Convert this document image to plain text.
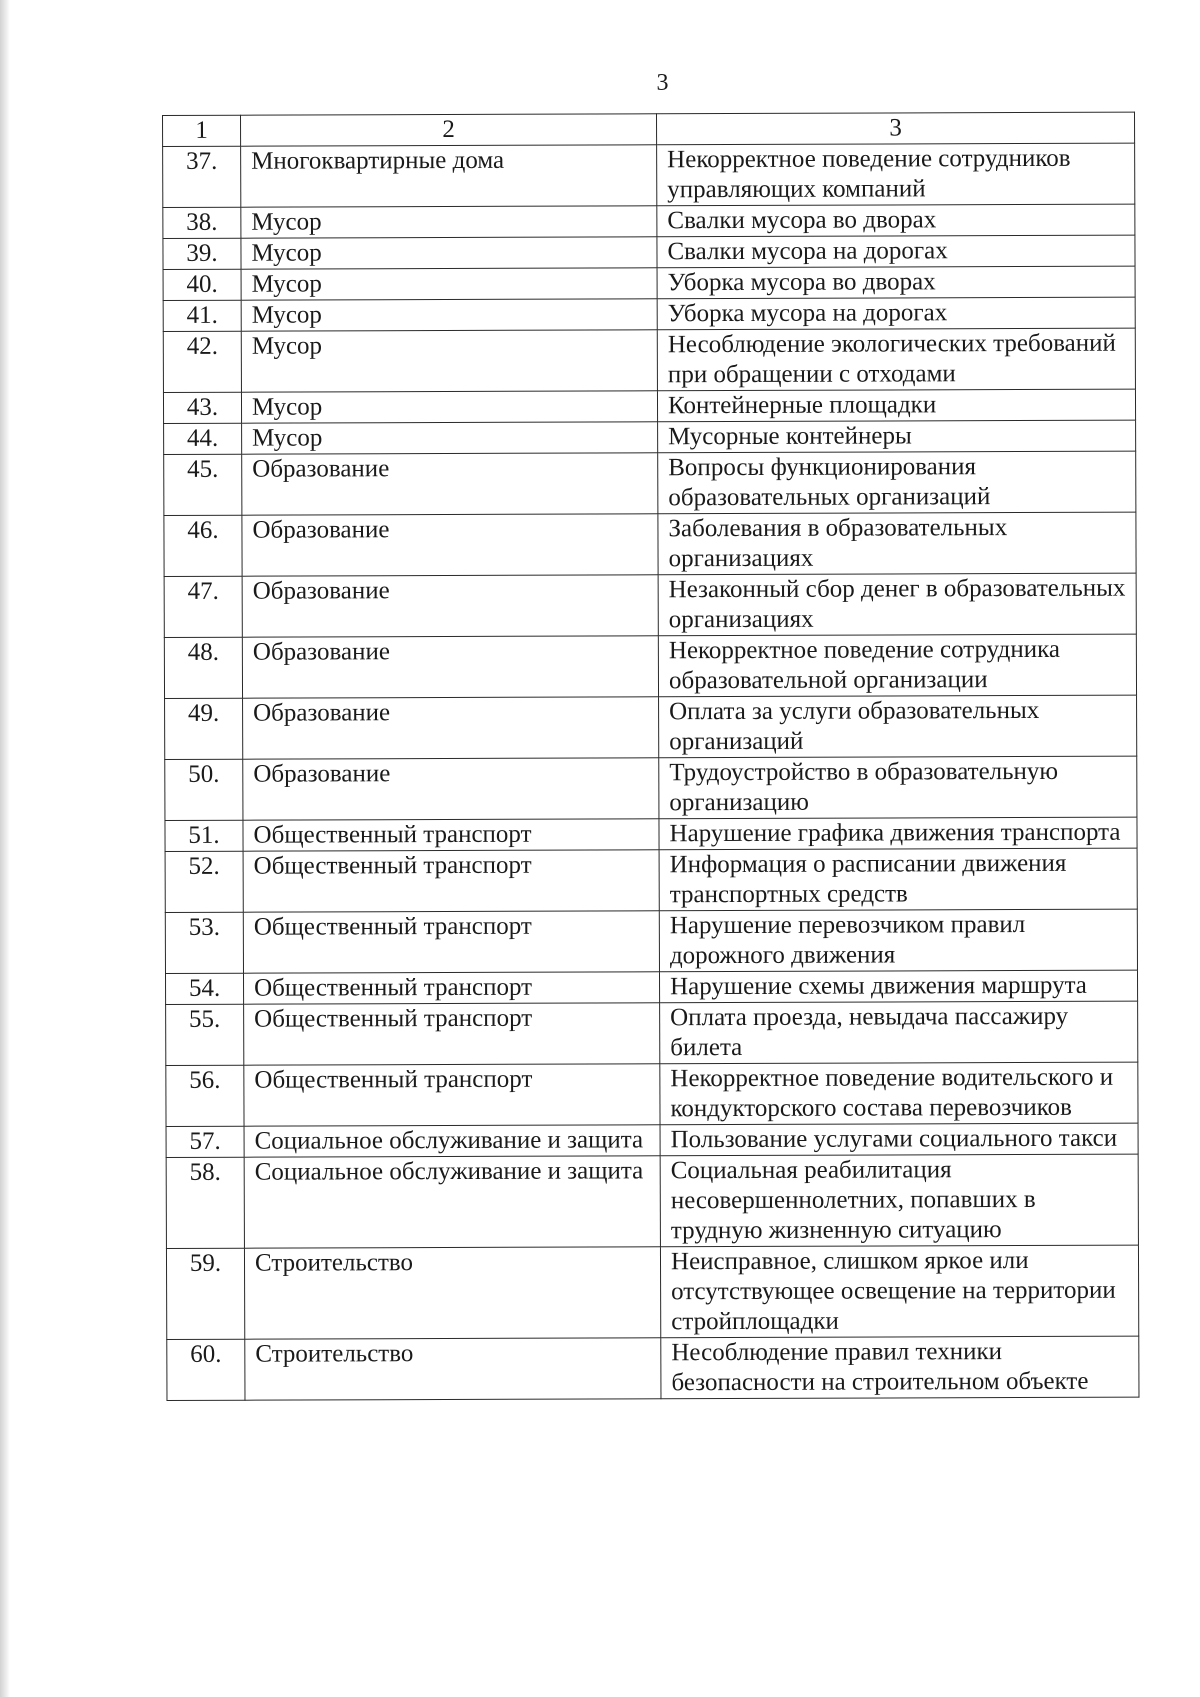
3
1	2	3
37.	Многоквартирные дома	Некорректное поведение сотрудников управляющих компаний
38.	Мусор	Свалки мусора во дворах
39.	Мусор	Свалки мусора на дорогах
40.	Мусор	Уборка мусора во дворах
41.	Мусор	Уборка мусора на дорогах
42.	Мусор	Несоблюдение экологических требований при обращении с отходами
43.	Мусор	Контейнерные площадки
44.	Мусор	Мусорные контейнеры
45.	Образование	Вопросы функционирования образовательных организаций
46.	Образование	Заболевания в образовательных организациях
47.	Образование	Незаконный сбор денег в образовательных организациях
48.	Образование	Некорректное поведение сотрудника образовательной организации
49.	Образование	Оплата за услуги образовательных организаций
50.	Образование	Трудоустройство в образовательную организацию
51.	Общественный транспорт	Нарушение графика движения транспорта
52.	Общественный транспорт	Информация о расписании движения транспортных средств
53.	Общественный транспорт	Нарушение перевозчиком правил дорожного движения
54.	Общественный транспорт	Нарушение схемы движения маршрута
55.	Общественный транспорт	Оплата проезда, невыдача пассажиру билета
56.	Общественный транспорт	Некорректное поведение водительского и кондукторского состава перевозчиков
57.	Социальное обслуживание и защита	Пользование услугами социального такси
58.	Социальное обслуживание и защита	Социальная реабилитация несовершеннолетних, попавших в трудную жизненную ситуацию
59.	Строительство	Неисправное, слишком яркое или отсутствующее освещение на территории стройплощадки
60.	Строительство	Несоблюдение правил техники безопасности на строительном объекте
